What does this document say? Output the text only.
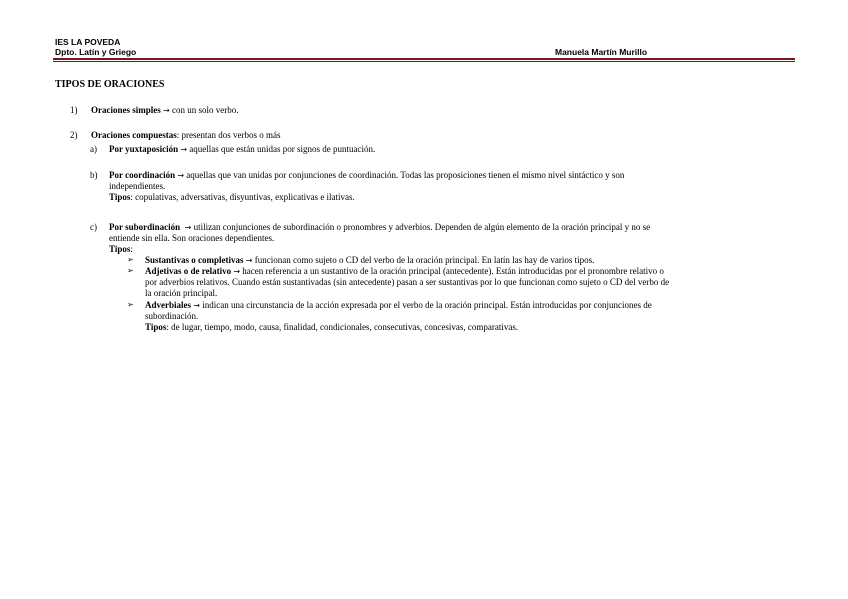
IES LA POVEDA
Dpto. Latín y Griego	Manuela Martín Murillo
TIPOS DE ORACIONES
1) Oraciones simples → con un solo verbo.
2) Oraciones compuestas: presentan dos verbos o más
a) Por yuxtaposición → aquellas que están unidas por signos de puntuación.
b) Por coordinación → aquellas que van unidas por conjunciones de coordinación. Todas las proposiciones tienen el mismo nivel sintáctico y son
independientes.
Tipos: copulativas, adversativas, disyuntivas, explicativas e ilativas.
c) Por subordinación → utilizan conjunciones de subordinación o pronombres y adverbios. Dependen de algún elemento de la oración principal y no se
entiende sin ella. Son oraciones dependientes.
Tipos:
➢ Sustantivas o completivas → funcionan como sujeto o CD del verbo de la oración principal. En latín las hay de varios tipos.
➢ Adjetivas o de relativo → hacen referencia a un sustantivo de la oración principal (antecedente). Están introducidas por el pronombre relativo o
por adverbios relativos. Cuando están sustantivadas (sin antecedente) pasan a ser sustantivas por lo que funcionan como sujeto o CD del verbo de
la oración principal.
➢ Adverbiales → indican una circunstancia de la acción expresada por el verbo de la oración principal. Están introducidas por conjunciones de
subordinación.
Tipos: de lugar, tiempo, modo, causa, finalidad, condicionales, consecutivas, concesivas, comparativas.
